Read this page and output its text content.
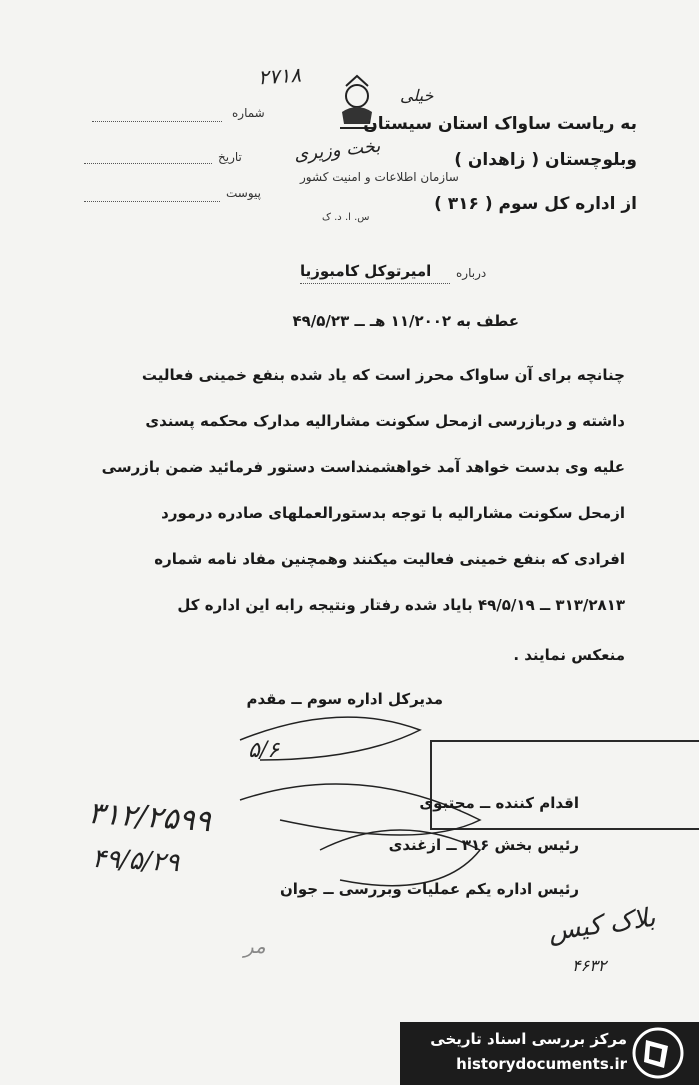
۲۷۱۸
خیلی
به ریاست ساواک استان سیستان
بخت وزیری	وبلوچستان ( زاهدان )
سازمان اطلاعات و امنیت کشور
از اداره کل سوم ( ۳۱۶ )
س. ا. د. ک
شماره
تاریخ
پیوست
درباره
امیرتوکل کامبوزیا
عطف به ۱۱/۲۰۰۲ هـ ــ ۴۹/۵/۲۳
چنانچه برای آن ساواک محرز است که یاد شده بنفع خمینی فعالیت
داشته و دربازرسی ازمحل سکونت مشارالیه مدارک محکمه پسندی
علیه وی بدست خواهد آمد خواهشمنداست دستور فرمائید ضمن بازرسی
ازمحل سکونت مشارالیه با توجه بدستورالعملهای صادره درمورد
افرادی که بنفع خمینی فعالیت میکنند وهمچنین مفاد نامه شماره
۳۱۳/۲۸۱۳ ــ ۴۹/۵/۱۹ بایاد شده رفتار ونتیجه رابه این اداره کل
منعکس نمایند .
مدیرکل اداره سوم ــ مقدم
۵/۶
اقدام کننده ــ مجتبوی
رئیس بخش ۳۱۶ ــ ازغندی
رئیس اداره یکم عملیات وبررسی ــ جوان
۳۱۲/۲۵۹۹
۴۹/۵/۲۹
بلاک کیس
۴۶۳۲
مر
مرکز بررسی اسناد تاریخی
historydocuments.ir
